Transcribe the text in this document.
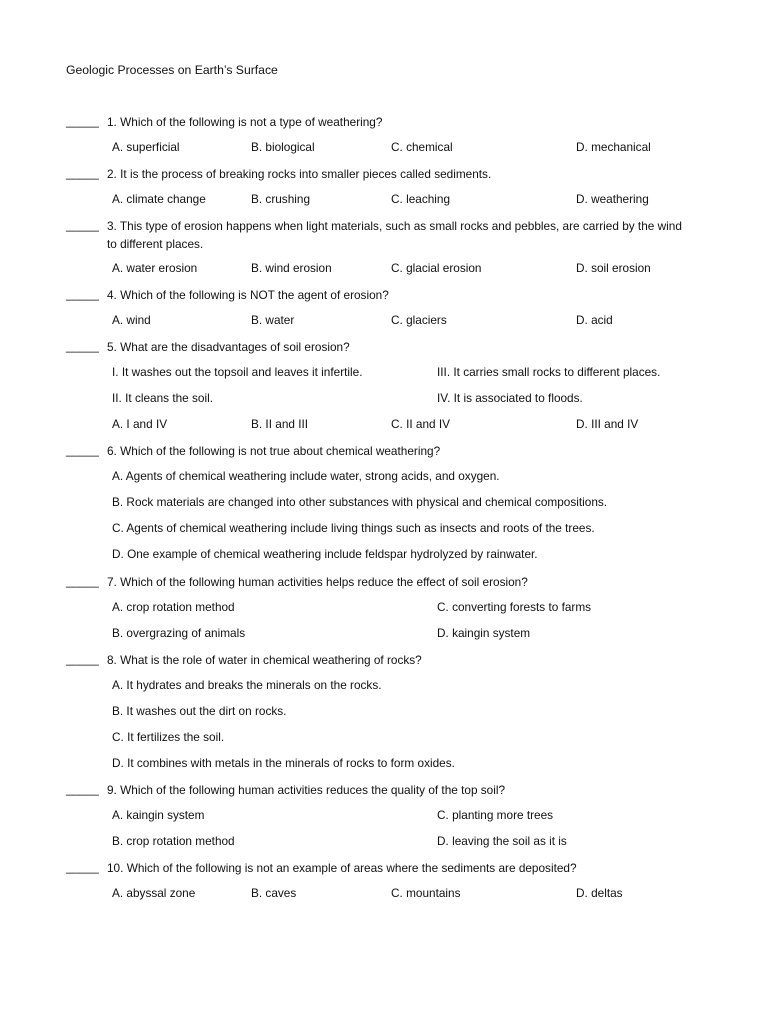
Geologic Processes on Earth’s Surface
_____ 1. Which of the following is not a type of weathering?
A. superficial	B. biological	C. chemical	D. mechanical
_____ 2. It is the process of breaking rocks into smaller pieces called sediments.
A. climate change	B. crushing	C. leaching	D. weathering
_____ 3. This type of erosion happens when light materials, such as small rocks and pebbles, are carried by the wind to different places.
A. water erosion	B. wind erosion	C. glacial erosion	D. soil erosion
_____ 4. Which of the following is NOT the agent of erosion?
A. wind	B. water	C. glaciers	D. acid
_____ 5. What are the disadvantages of soil erosion?
I. It washes out the topsoil and leaves it infertile.	III. It carries small rocks to different places.
II. It cleans the soil.	IV. It is associated to floods.
A. I and IV	B. II and III	C. II and IV	D. III and IV
_____ 6. Which of the following is not true about chemical weathering?
A. Agents of chemical weathering include water, strong acids, and oxygen.
B. Rock materials are changed into other substances with physical and chemical compositions.
C. Agents of chemical weathering include living things such as insects and roots of the trees.
D. One example of chemical weathering include feldspar hydrolyzed by rainwater.
_____ 7. Which of the following human activities helps reduce the effect of soil erosion?
A. crop rotation method	C. converting forests to farms
B. overgrazing of animals	D. kaingin system
_____ 8. What is the role of water in chemical weathering of rocks?
A. It hydrates and breaks the minerals on the rocks.
B. It washes out the dirt on rocks.
C. It fertilizes the soil.
D. It combines with metals in the minerals of rocks to form oxides.
_____ 9. Which of the following human activities reduces the quality of the top soil?
A. kaingin system	C. planting more trees
B. crop rotation method	D. leaving the soil as it is
_____ 10. Which of the following is not an example of areas where the sediments are deposited?
A. abyssal zone	B. caves	C. mountains	D. deltas
